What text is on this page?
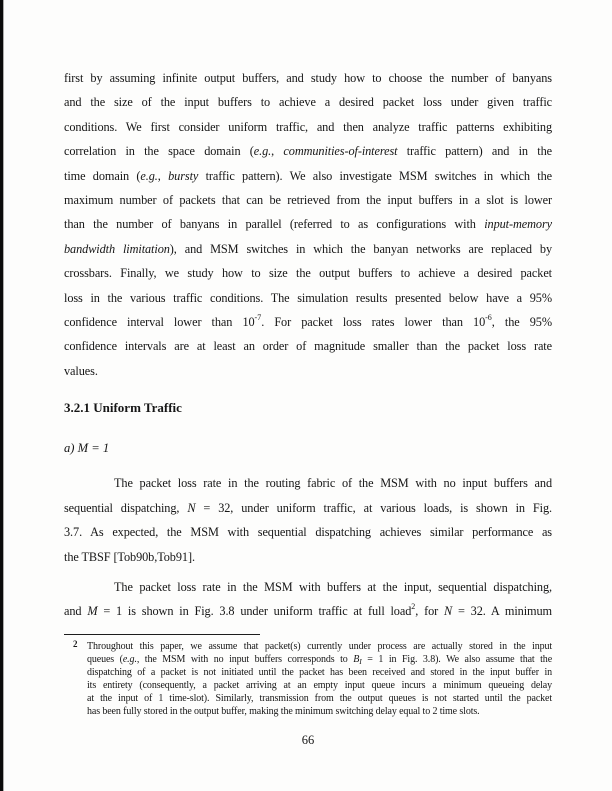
first by assuming infinite output buffers, and study how to choose the number of banyans
and the size of the input buffers to achieve a desired packet loss under given traffic
conditions. We first consider uniform traffic, and then analyze traffic patterns exhibiting
correlation in the space domain (e.g., communities-of-interest traffic pattern) and in the
time domain (e.g., bursty traffic pattern). We also investigate MSM switches in which the
maximum number of packets that can be retrieved from the input buffers in a slot is lower
than the number of banyans in parallel (referred to as configurations with input-memory
bandwidth limitation), and MSM switches in which the banyan networks are replaced by
crossbars. Finally, we study how to size the output buffers to achieve a desired packet
loss in the various traffic conditions. The simulation results presented below have a 95%
confidence interval lower than $10^{-7}$. For packet loss rates lower than $10^{-6}$, the 95%
confidence intervals are at least an order of magnitude smaller than the packet loss rate
values.
3.2.1 Uniform Traffic
a) M = 1
The packet loss rate in the routing fabric of the MSM with no input buffers and
sequential dispatching, N = 32, under uniform traffic, at various loads, is shown in Fig.
3.7. As expected, the MSM with sequential dispatching achieves similar performance as
the TBSF [Tob90b,Tob91].
The packet loss rate in the MSM with buffers at the input, sequential dispatching,
and M = 1 is shown in Fig. 3.8 under uniform traffic at full load$^2$, for N = 32. A minimum
2 Throughout this paper, we assume that packet(s) currently under process are actually stored in the input
queues (e.g., the MSM with no input buffers corresponds to $B_I = 1$ in Fig. 3.8). We also assume that the
dispatching of a packet is not initiated until the packet has been received and stored in the input buffer in
its entirety (consequently, a packet arriving at an empty input queue incurs a minimum queueing delay
at the input of 1 time-slot). Similarly, transmission from the output queues is not started until the packet
has been fully stored in the output buffer, making the minimum switching delay equal to 2 time slots.
66
